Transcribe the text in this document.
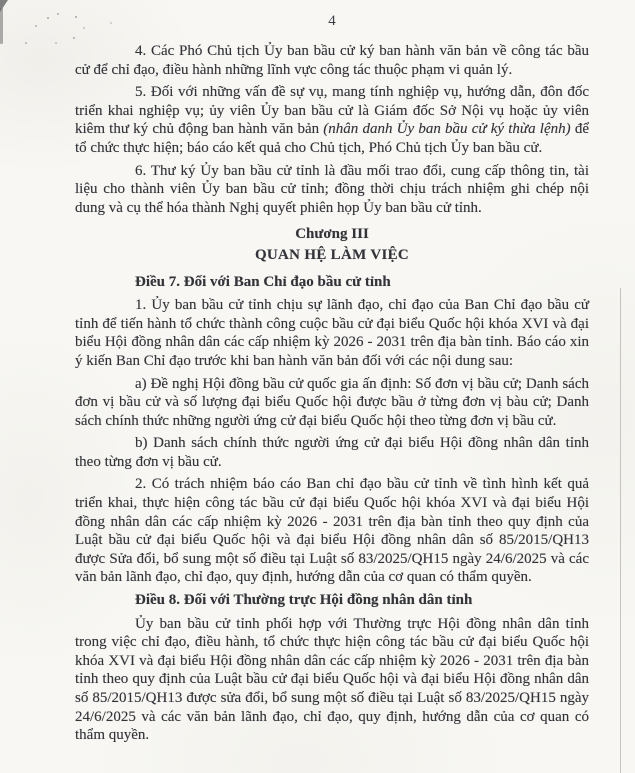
4
4. Các Phó Chủ tịch Ủy ban bầu cử ký ban hành văn bản về công tác bầu cử để chỉ đạo, điều hành những lĩnh vực công tác thuộc phạm vi quản lý.
5. Đối với những vấn đề sự vụ, mang tính nghiệp vụ, hướng dẫn, đôn đốc triển khai nghiệp vụ; ủy viên Ủy ban bầu cử là Giám đốc Sở Nội vụ hoặc ủy viên kiêm thư ký chủ động ban hành văn bản (nhân danh Ủy ban bầu cử ký thừa lệnh) để tổ chức thực hiện; báo cáo kết quả cho Chủ tịch, Phó Chủ tịch Ủy ban bầu cử.
6. Thư ký Ủy ban bầu cử tỉnh là đầu mối trao đổi, cung cấp thông tin, tài liệu cho thành viên Ủy ban bầu cử tỉnh; đồng thời chịu trách nhiệm ghi chép nội dung và cụ thể hóa thành Nghị quyết phiên họp Ủy ban bầu cử tỉnh.
Chương III
QUAN HỆ LÀM VIỆC
Điều 7. Đối với Ban Chỉ đạo bầu cử tỉnh
1. Ủy ban bầu cử tỉnh chịu sự lãnh đạo, chỉ đạo của Ban Chỉ đạo bầu cử tỉnh để tiến hành tổ chức thành công cuộc bầu cử đại biểu Quốc hội khóa XVI và đại biểu Hội đồng nhân dân các cấp nhiệm kỳ 2026 - 2031 trên địa bàn tỉnh. Báo cáo xin ý kiến Ban Chỉ đạo trước khi ban hành văn bản đối với các nội dung sau:
a) Đề nghị Hội đồng bầu cử quốc gia ấn định: Số đơn vị bầu cử; Danh sách đơn vị bầu cử và số lượng đại biểu Quốc hội được bầu ở từng đơn vị bàu cử; Danh sách chính thức những người ứng cử đại biểu Quốc hội theo từng đơn vị bầu cử.
b) Danh sách chính thức người ứng cử đại biểu Hội đồng nhân dân tỉnh theo từng đơn vị bầu cử.
2. Có trách nhiệm báo cáo Ban chỉ đạo bầu cử tỉnh về tình hình kết quả triển khai, thực hiện công tác bầu cử đại biểu Quốc hội khóa XVI và đại biểu Hội đồng nhân dân các cấp nhiệm kỳ 2026 - 2031 trên địa bàn tỉnh theo quy định của Luật bầu cử đại biểu Quốc hội và đại biểu Hội đồng nhân dân số 85/2015/QH13 được Sửa đổi, bổ sung một số điều tại Luật số 83/2025/QH15 ngày 24/6/2025 và các văn bản lãnh đạo, chỉ đạo, quy định, hướng dẫn của cơ quan có thẩm quyền.
Điều 8. Đối với Thường trực Hội đồng nhân dân tỉnh
Ủy ban bầu cử tỉnh phối hợp với Thường trực Hội đồng nhân dân tỉnh trong việc chỉ đạo, điều hành, tổ chức thực hiện công tác bầu cử đại biểu Quốc hội khóa XVI và đại biểu Hội đồng nhân dân các cấp nhiệm kỳ 2026 - 2031 trên địa bàn tỉnh theo quy định của Luật bầu cử đại biểu Quốc hội và đại biểu Hội đồng nhân dân số 85/2015/QH13 được sửa đổi, bổ sung một số điều tại Luật số 83/2025/QH15 ngày 24/6/2025 và các văn bản lãnh đạo, chỉ đạo, quy định, hướng dẫn của cơ quan có thẩm quyền.
